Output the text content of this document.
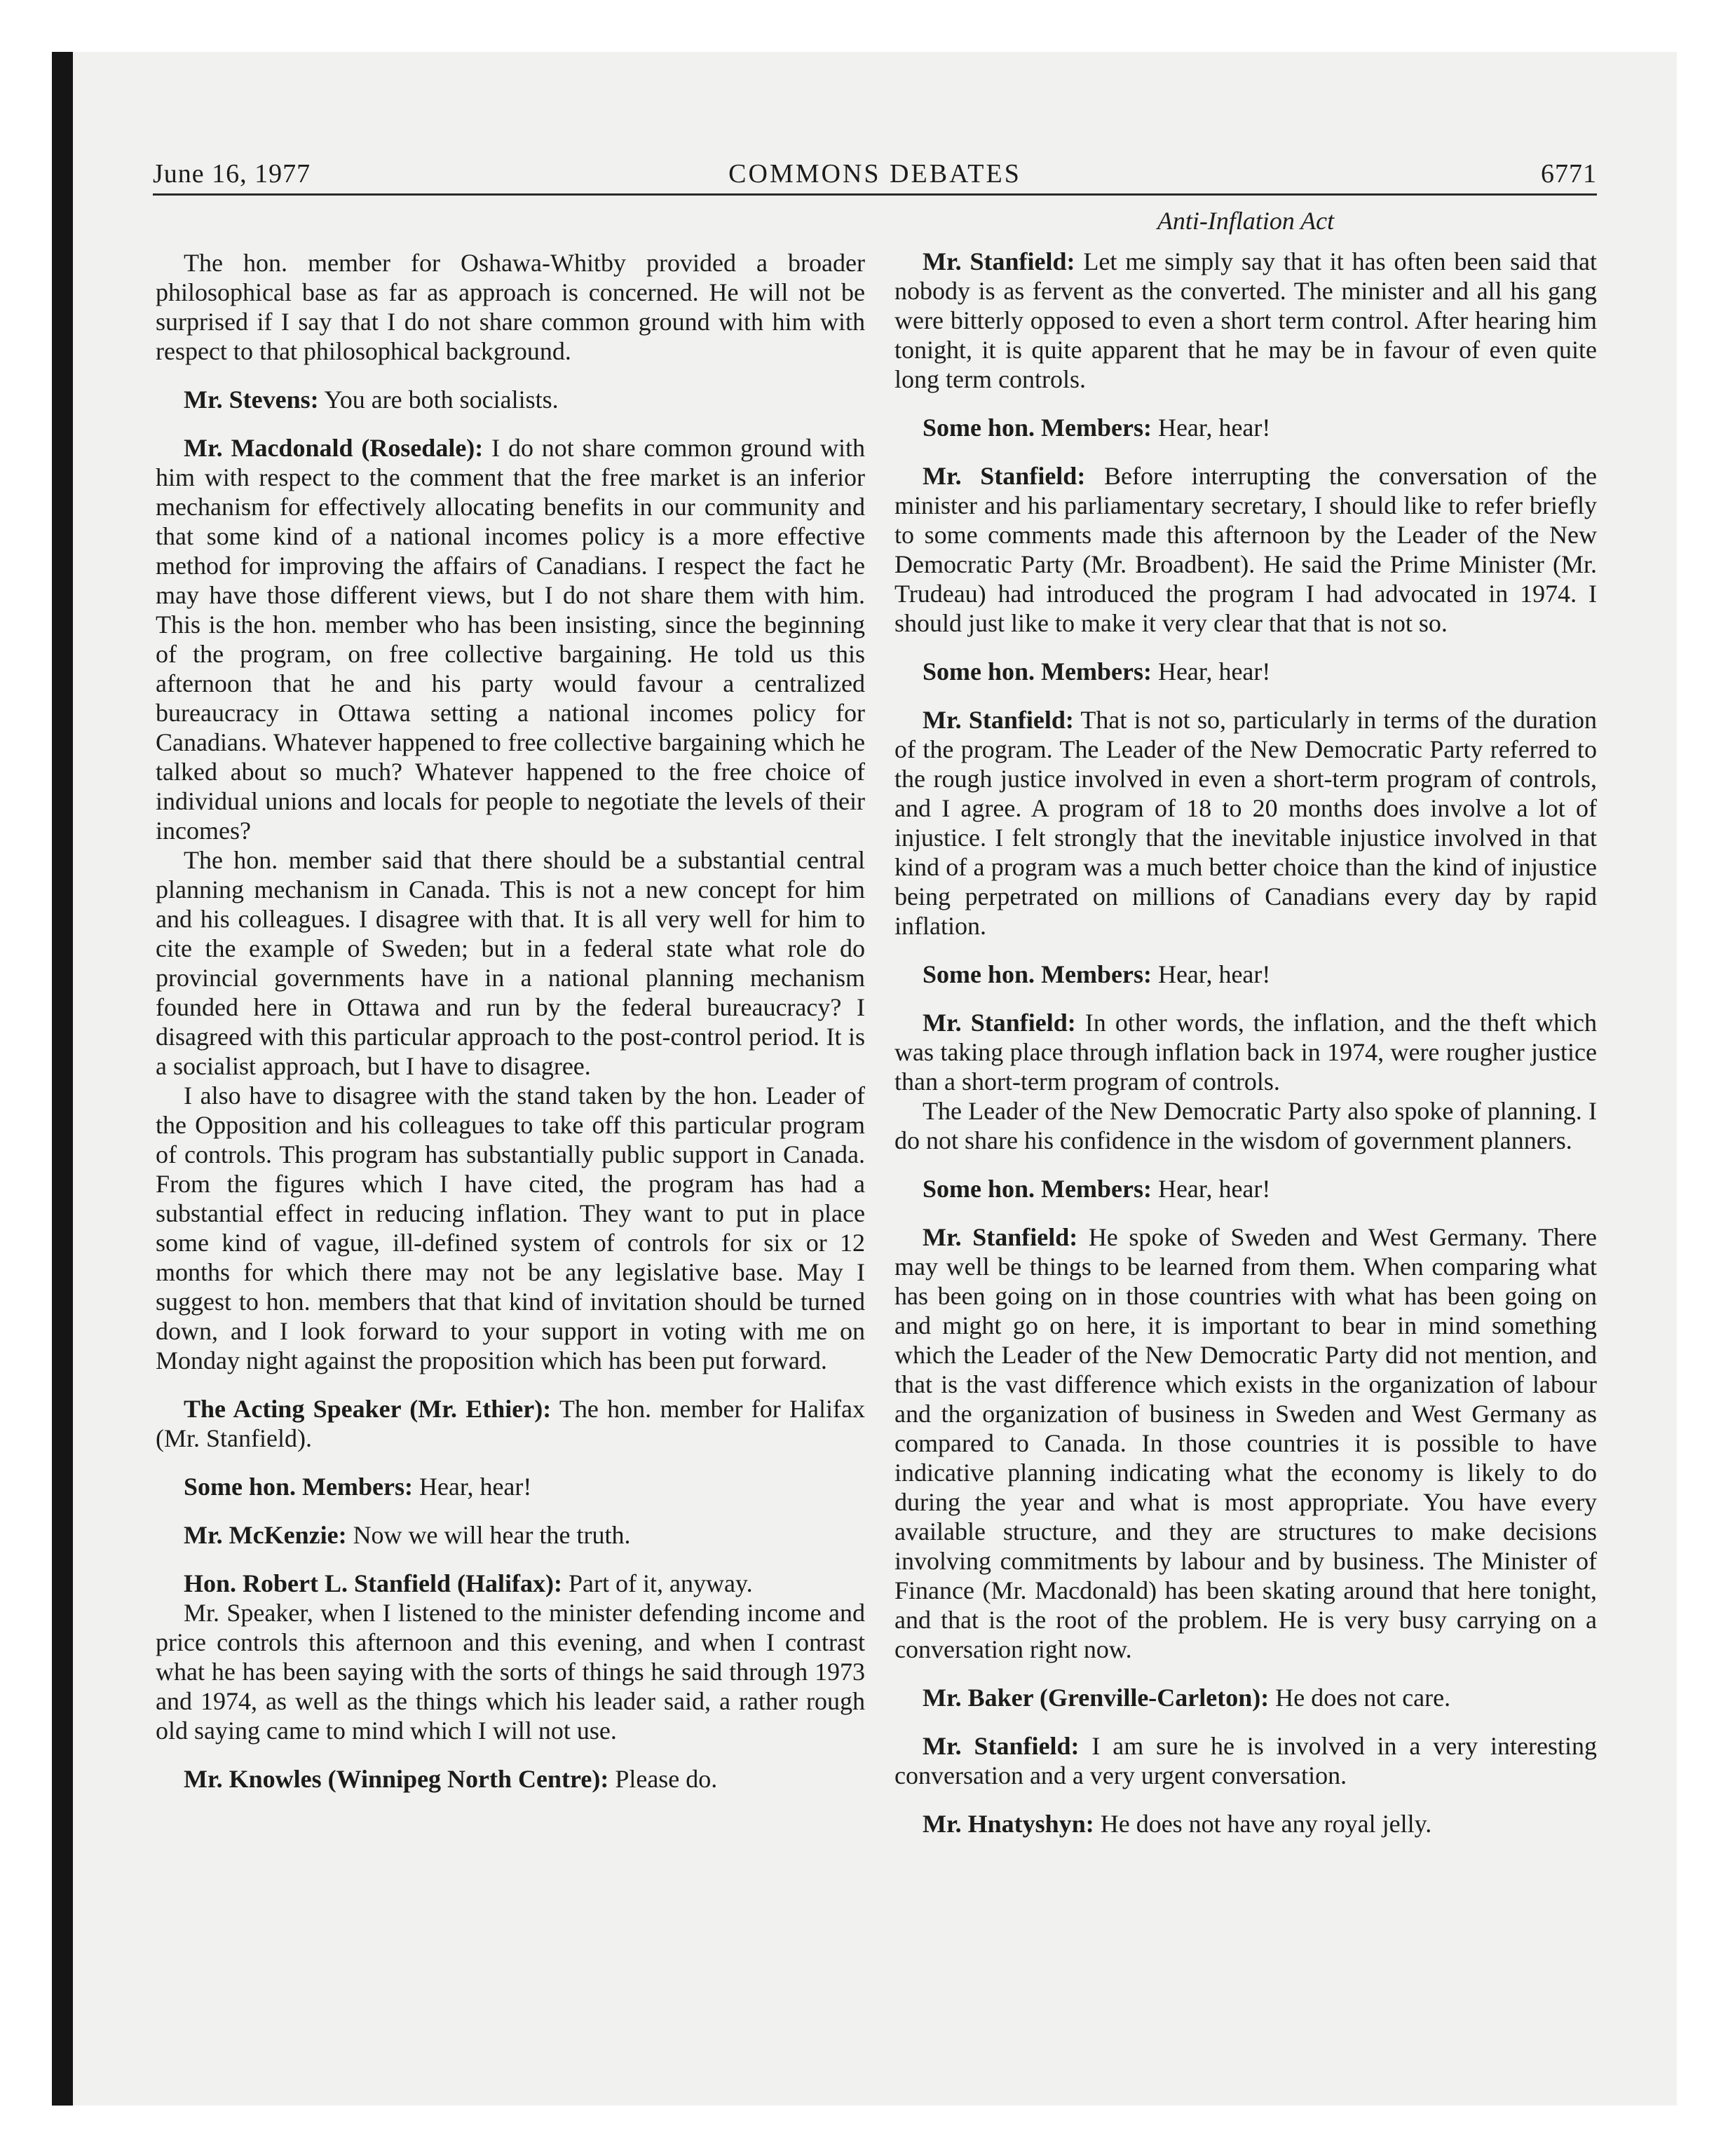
June 16, 1977	COMMONS DEBATES	6771

The hon. member for Oshawa-Whitby provided a broader philosophical base as far as approach is concerned. He will not be surprised if I say that I do not share common ground with him with respect to that philosophical background.

Mr. Stevens: You are both socialists.

Mr. Macdonald (Rosedale): I do not share common ground with him with respect to the comment that the free market is an inferior mechanism for effectively allocating benefits in our community and that some kind of a national incomes policy is a more effective method for improving the affairs of Canadians. I respect the fact he may have those different views, but I do not share them with him. This is the hon. member who has been insisting, since the beginning of the program, on free collective bargaining. He told us this afternoon that he and his party would favour a centralized bureaucracy in Ottawa setting a national incomes policy for Canadians. Whatever happened to free collective bargaining which he talked about so much? Whatever happened to the free choice of individual unions and locals for people to negotiate the levels of their incomes?

The hon. member said that there should be a substantial central planning mechanism in Canada. This is not a new concept for him and his colleagues. I disagree with that. It is all very well for him to cite the example of Sweden; but in a federal state what role do provincial governments have in a national planning mechanism founded here in Ottawa and run by the federal bureaucracy? I disagreed with this particular approach to the post-control period. It is a socialist approach, but I have to disagree.

I also have to disagree with the stand taken by the hon. Leader of the Opposition and his colleagues to take off this particular program of controls. This program has substantially public support in Canada. From the figures which I have cited, the program has had a substantial effect in reducing inflation. They want to put in place some kind of vague, ill-defined system of controls for six or 12 months for which there may not be any legislative base. May I suggest to hon. members that that kind of invitation should be turned down, and I look forward to your support in voting with me on Monday night against the proposition which has been put forward.

The Acting Speaker (Mr. Ethier): The hon. member for Halifax (Mr. Stanfield).

Some hon. Members: Hear, hear!

Mr. McKenzie: Now we will hear the truth.

Hon. Robert L. Stanfield (Halifax): Part of it, anyway.

Mr. Speaker, when I listened to the minister defending income and price controls this afternoon and this evening, and when I contrast what he has been saying with the sorts of things he said through 1973 and 1974, as well as the things which his leader said, a rather rough old saying came to mind which I will not use.

Mr. Knowles (Winnipeg North Centre): Please do.

Anti-Inflation Act

Mr. Stanfield: Let me simply say that it has often been said that nobody is as fervent as the converted. The minister and all his gang were bitterly opposed to even a short term control. After hearing him tonight, it is quite apparent that he may be in favour of even quite long term controls.

Some hon. Members: Hear, hear!

Mr. Stanfield: Before interrupting the conversation of the minister and his parliamentary secretary, I should like to refer briefly to some comments made this afternoon by the Leader of the New Democratic Party (Mr. Broadbent). He said the Prime Minister (Mr. Trudeau) had introduced the program I had advocated in 1974. I should just like to make it very clear that that is not so.

Some hon. Members: Hear, hear!

Mr. Stanfield: That is not so, particularly in terms of the duration of the program. The Leader of the New Democratic Party referred to the rough justice involved in even a short-term program of controls, and I agree. A program of 18 to 20 months does involve a lot of injustice. I felt strongly that the inevitable injustice involved in that kind of a program was a much better choice than the kind of injustice being perpetrated on millions of Canadians every day by rapid inflation.

Some hon. Members: Hear, hear!

Mr. Stanfield: In other words, the inflation, and the theft which was taking place through inflation back in 1974, were rougher justice than a short-term program of controls.

The Leader of the New Democratic Party also spoke of planning. I do not share his confidence in the wisdom of government planners.

Some hon. Members: Hear, hear!

Mr. Stanfield: He spoke of Sweden and West Germany. There may well be things to be learned from them. When comparing what has been going on in those countries with what has been going on and might go on here, it is important to bear in mind something which the Leader of the New Democratic Party did not mention, and that is the vast difference which exists in the organization of labour and the organization of business in Sweden and West Germany as compared to Canada. In those countries it is possible to have indicative planning indicating what the economy is likely to do during the year and what is most appropriate. You have every available structure, and they are structures to make decisions involving commitments by labour and by business. The Minister of Finance (Mr. Macdonald) has been skating around that here tonight, and that is the root of the problem. He is very busy carrying on a conversation right now.

Mr. Baker (Grenville-Carleton): He does not care.

Mr. Stanfield: I am sure he is involved in a very interesting conversation and a very urgent conversation.

Mr. Hnatyshyn: He does not have any royal jelly.
